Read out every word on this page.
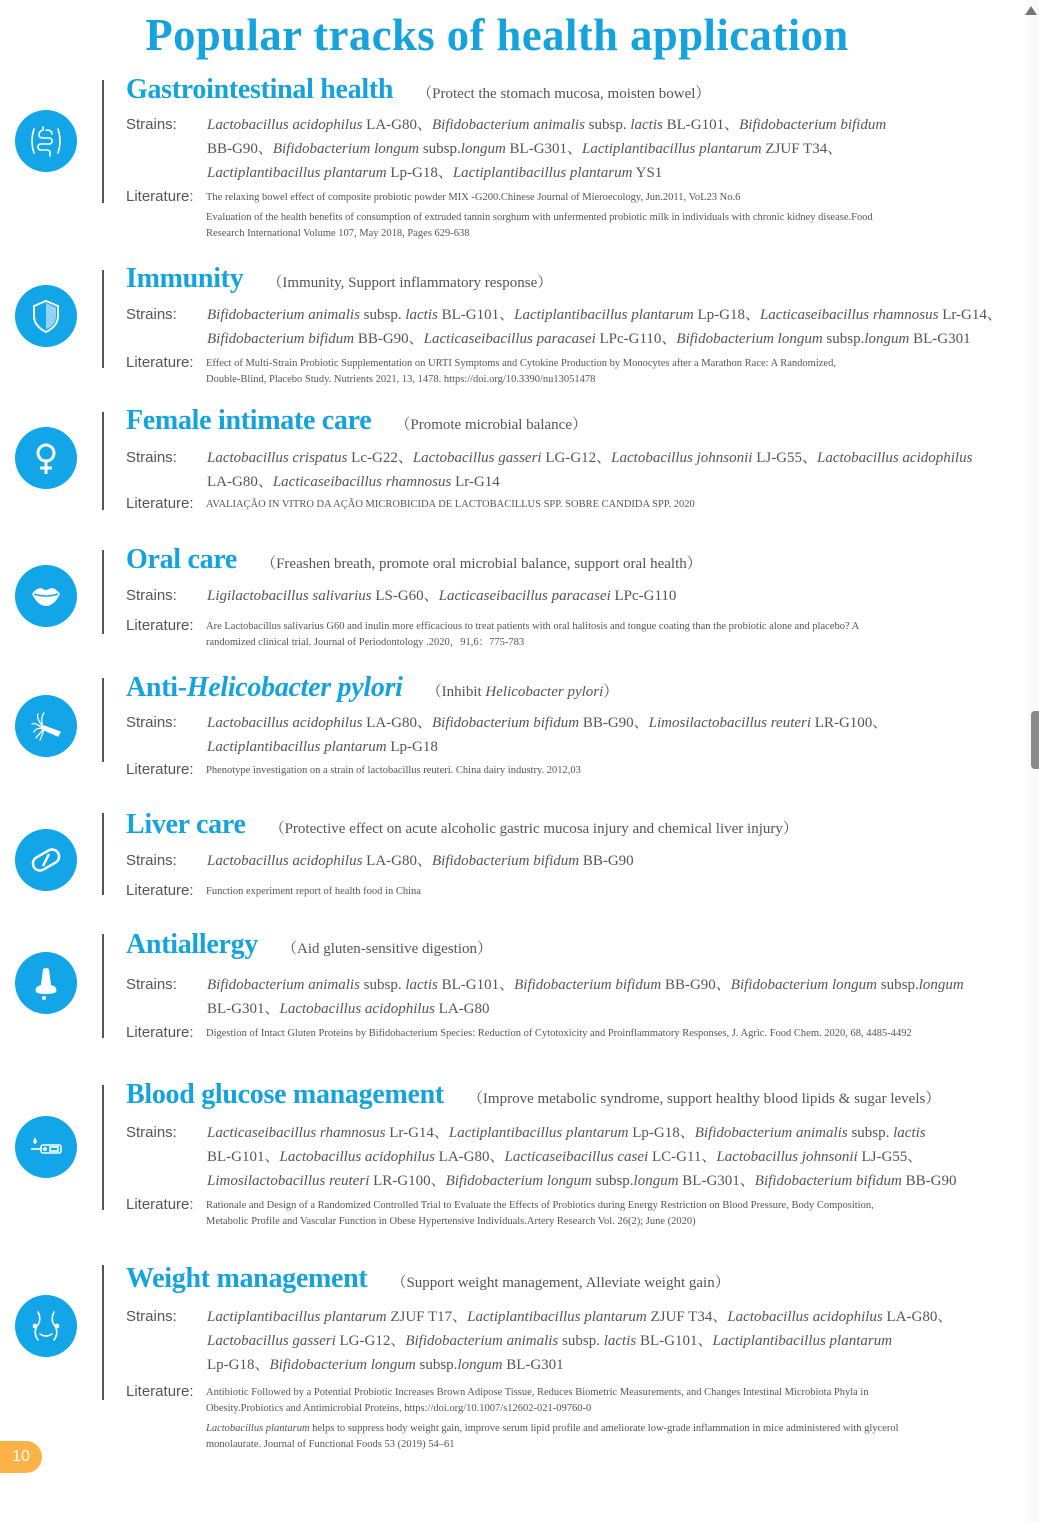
Popular tracks of health application
Gastrointestinal health （Protect the stomach mucosa, moisten bowel）
Strains: Lactobacillus acidophilus LA-G80、Bifidobacterium animalis subsp. lactis BL-G101、Bifidobacterium bifidum
BB-G90、Bifidobacterium longum subsp.longum BL-G301、Lactiplantibacillus plantarum ZJUF T34、
Lactiplantibacillus plantarum Lp-G18、Lactiplantibacillus plantarum YS1
Literature: The relaxing bowel effect of composite probiotic powder MIX -G200.Chinese Journal of Mieroecology, Jun.2011, VoL23 No.6
Evaluation of the health benefits of consumption of extruded tannin sorghum with unfermented probiotic milk in individuals with chronic kidney disease.Food
Research International Volume 107, May 2018, Pages 629-638
Immunity （Immunity, Support inflammatory response）
Strains: Bifidobacterium animalis subsp. lactis BL-G101、Lactiplantibacillus plantarum Lp-G18、Lacticaseibacillus rhamnosus Lr-G14、
Bifidobacterium bifidum BB-G90、Lacticaseibacillus paracasei LPc-G110、Bifidobacterium longum subsp.longum BL-G301
Literature: Effect of Multi-Strain Probiotic Supplementation on URTI Symptoms and Cytokine Production by Monocytes after a Marathon Race: A Randomized,
Double-Blind, Placebo Study. Nutrients 2021, 13, 1478. https://doi.org/10.3390/nu13051478
Female intimate care （Promote microbial balance）
Strains: Lactobacillus crispatus Lc-G22、Lactobacillus gasseri LG-G12、Lactobacillus johnsonii LJ-G55、Lactobacillus acidophilus
LA-G80、Lacticaseibacillus rhamnosus Lr-G14
Literature: AVALIAÇÃO IN VITRO DA AÇÃO MICROBICIDA DE LACTOBACILLUS SPP. SOBRE CANDIDA SPP. 2020
Oral care （Freashen breath, promote oral microbial balance, support oral health）
Strains: Ligilactobacillus salivarius LS-G60、Lacticaseibacillus paracasei LPc-G110
Literature: Are Lactobacillus salivarius G60 and inulin more efficacious to treat patients with oral halitosis and tongue coating than the probiotic alone and placebo? A
randomized clinical trial. Journal of Periodontology .2020，91,6：775-783
Anti-Helicobacter pylori （Inhibit Helicobacter pylori）
Strains: Lactobacillus acidophilus LA-G80、Bifidobacterium bifidum BB-G90、Limosilactobacillus reuteri LR-G100、
Lactiplantibacillus plantarum Lp-G18
Literature: Phenotype investigation on a strain of lactobacillus reuteri. China dairy industry. 2012,03
Liver care （Protective effect on acute alcoholic gastric mucosa injury and chemical liver injury）
Strains: Lactobacillus acidophilus LA-G80、Bifidobacterium bifidum BB-G90
Literature: Function experiment report of health food in China
Antiallergy （Aid gluten-sensitive digestion）
Strains: Bifidobacterium animalis subsp. lactis BL-G101、Bifidobacterium bifidum BB-G90、Bifidobacterium longum subsp.longum
BL-G301、Lactobacillus acidophilus LA-G80
Literature: Digestion of Intact Gluten Proteins by Bifidobacterium Species: Reduction of Cytotoxicity and Proinflammatory Responses, J. Agric. Food Chem. 2020, 68, 4485-4492
Blood glucose management （Improve metabolic syndrome, support healthy blood lipids & sugar levels）
Strains: Lacticaseibacillus rhamnosus Lr-G14、Lactiplantibacillus plantarum Lp-G18、Bifidobacterium animalis subsp. lactis
BL-G101、Lactobacillus acidophilus LA-G80、Lacticaseibacillus casei LC-G11、Lactobacillus johnsonii LJ-G55、
Limosilactobacillus reuteri LR-G100、Bifidobacterium longum subsp.longum BL-G301、Bifidobacterium bifidum BB-G90
Literature: Rationale and Design of a Randomized Controlled Trial to Evaluate the Effects of Probiotics during Energy Restriction on Blood Pressure, Body Composition,
Metabolic Profile and Vascular Function in Obese Hypertensive Individuals.Artery Research Vol. 26(2); June (2020)
Weight management （Support weight management, Alleviate weight gain）
Strains: Lactiplantibacillus plantarum ZJUF T17、Lactiplantibacillus plantarum ZJUF T34、Lactobacillus acidophilus LA-G80、
Lactobacillus gasseri LG-G12、Bifidobacterium animalis subsp. lactis BL-G101、Lactiplantibacillus plantarum
Lp-G18、Bifidobacterium longum subsp.longum BL-G301
Literature: Antibiotic Followed by a Potential Probiotic Increases Brown Adipose Tissue, Reduces Biometric Measurements, and Changes Intestinal Microbiota Phyla in
Obesity.Probiotics and Antimicrobial Proteins, https://doi.org/10.1007/s12602-021-09760-0
Lactobacillus plantarum helps to suppress body weight gain, improve serum lipid profile and ameliorate low-grade inflammation in mice administered with glycerol
monolaurate. Journal of Functional Foods 53 (2019) 54–61
10
